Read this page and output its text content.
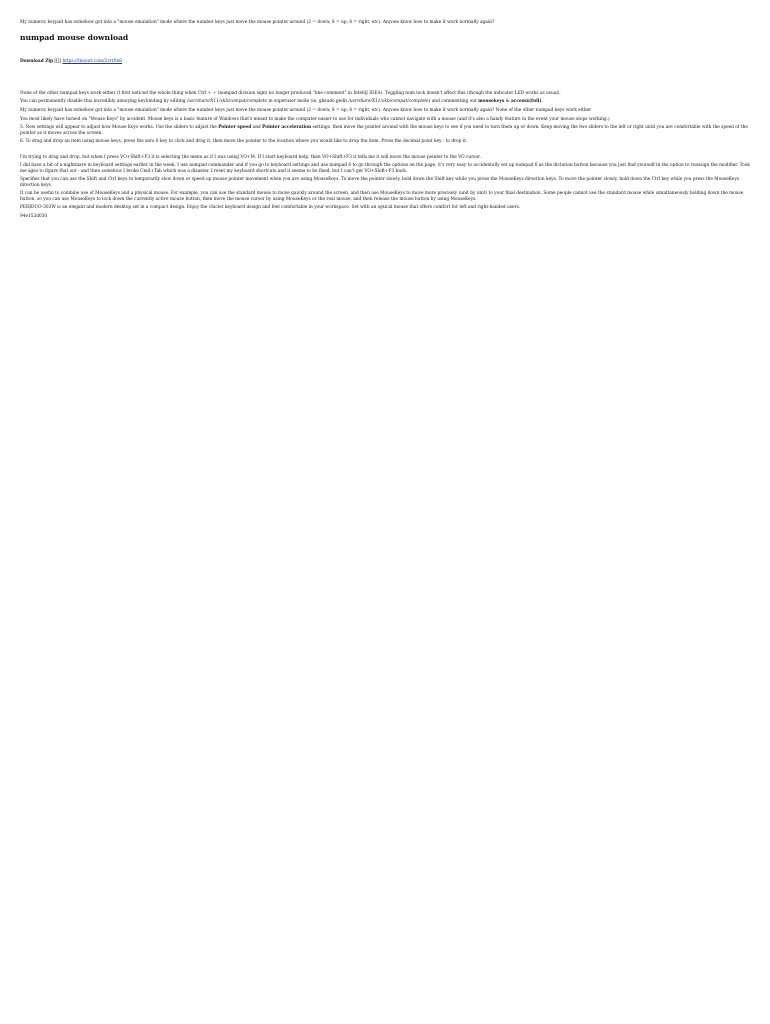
My numeric keypad has somehow got into a "mouse emulation" mode where the number keys just move the mouse pointer around (2 = down; 8 = up; 6 = right, etc). Anyone know how to make it work normally again?

numpad mouse download
Download Zip [[]] https://tinourl.com/2vrr0n6

None of the other numpad keys work either (I first noticed the whole thing when Ctrl + ÷ (numpad division sign) no longer produced "line comment" in IntelliJ IDEA). Toggling num lock doesn't affect this (though the indicator LED works as usual).

You can permanently disable this incredibly annoying keybinding by editing /usr/share/X11/xkb/compat/complete in superuser mode (ie, gksudo gedit /usr/share/X11/xkb/compat/complete) and commenting out mousekeys & accessx(full).

My numeric keypad has somehow got into a "mouse emulation" mode where the number keys just move the mouse pointer around (2 = down; 8 = up; 6 = right, etc). Anyone know how to make it work normally again? None of the other numpad keys work either

You most likely have turned on "Mouse Keys" by accident. Mouse keys is a basic feature of Windows that's meant to make the computer easier to use for individuals who cannot navigate with a mouse (and it's also a handy feature in the event your mouse stops working.)

3. New settings will appear to adjust how Mouse Keys works. Use the sliders to adjust the Pointer speed and Pointer acceleration settings, then move the pointer around with the mouse keys to see if you need to turn them up or down. Keep moving the two sliders to the left or right until you are comfortable with the speed of the pointer as it moves across the screen.

6. To drag and drop an item using mouse keys, press the zero 0 key to click and drag it, then move the pointer to the location where you would like to drop the item. Press the decimal point key . to drop it.

I'm trying to drag and drop, but when I press VO+Shift+F3 it is selecting the menu as if I was using VO+M. If I start keyboard help, then VO+Shift+F3 it tells me it will move the mouse pointer to the VO cursor.

I did have a bit of a nightmare in keyboard settings earlier in the week. I use numpad commander and if you go to keyboard settings and use numpad 6 to go through the options on the page, it's very easy to accidentally set up numpad 6 as the dictation button because you just find yourself in the option to reassign the modifier. Took me ages to figure that out - and then somehow I broke Cmd+Tab which was a disaster. I reset my keyboard shortcuts and it seems to be fixed, but I can't get VO+Shift+F3 back.

Specifies that you can use the Shift and Ctrl keys to temporarily slow down or speed up mouse pointer movement when you are using MouseKeys. To move the pointer slowly, hold down the Shift key while you press the MouseKeys direction keys. To move the pointer slowly, hold down the Ctrl key while you press the MouseKeys direction keys.

It can be useful to combine use of MouseKeys and a physical mouse. For example, you can use the standard mouse to move quickly around the screen, and then use MouseKeys to move more precisely (unit by unit) to your final destination. Some people cannot use the standard mouse while simultaneously holding down the mouse button, so you can use MouseKeys to lock down the currently active mouse button, then move the mouse cursor by using MouseKeys or the real mouse, and then release the mouse button by using MouseKeys.

PERIDUO-303W is an elegant and modern desktop set in a compact design. Enjoy the chiclet keyboard design and feel comfortable in your workspace. Set with an optical mouse that offers comfort for left and right-handed users.

94e153d030
